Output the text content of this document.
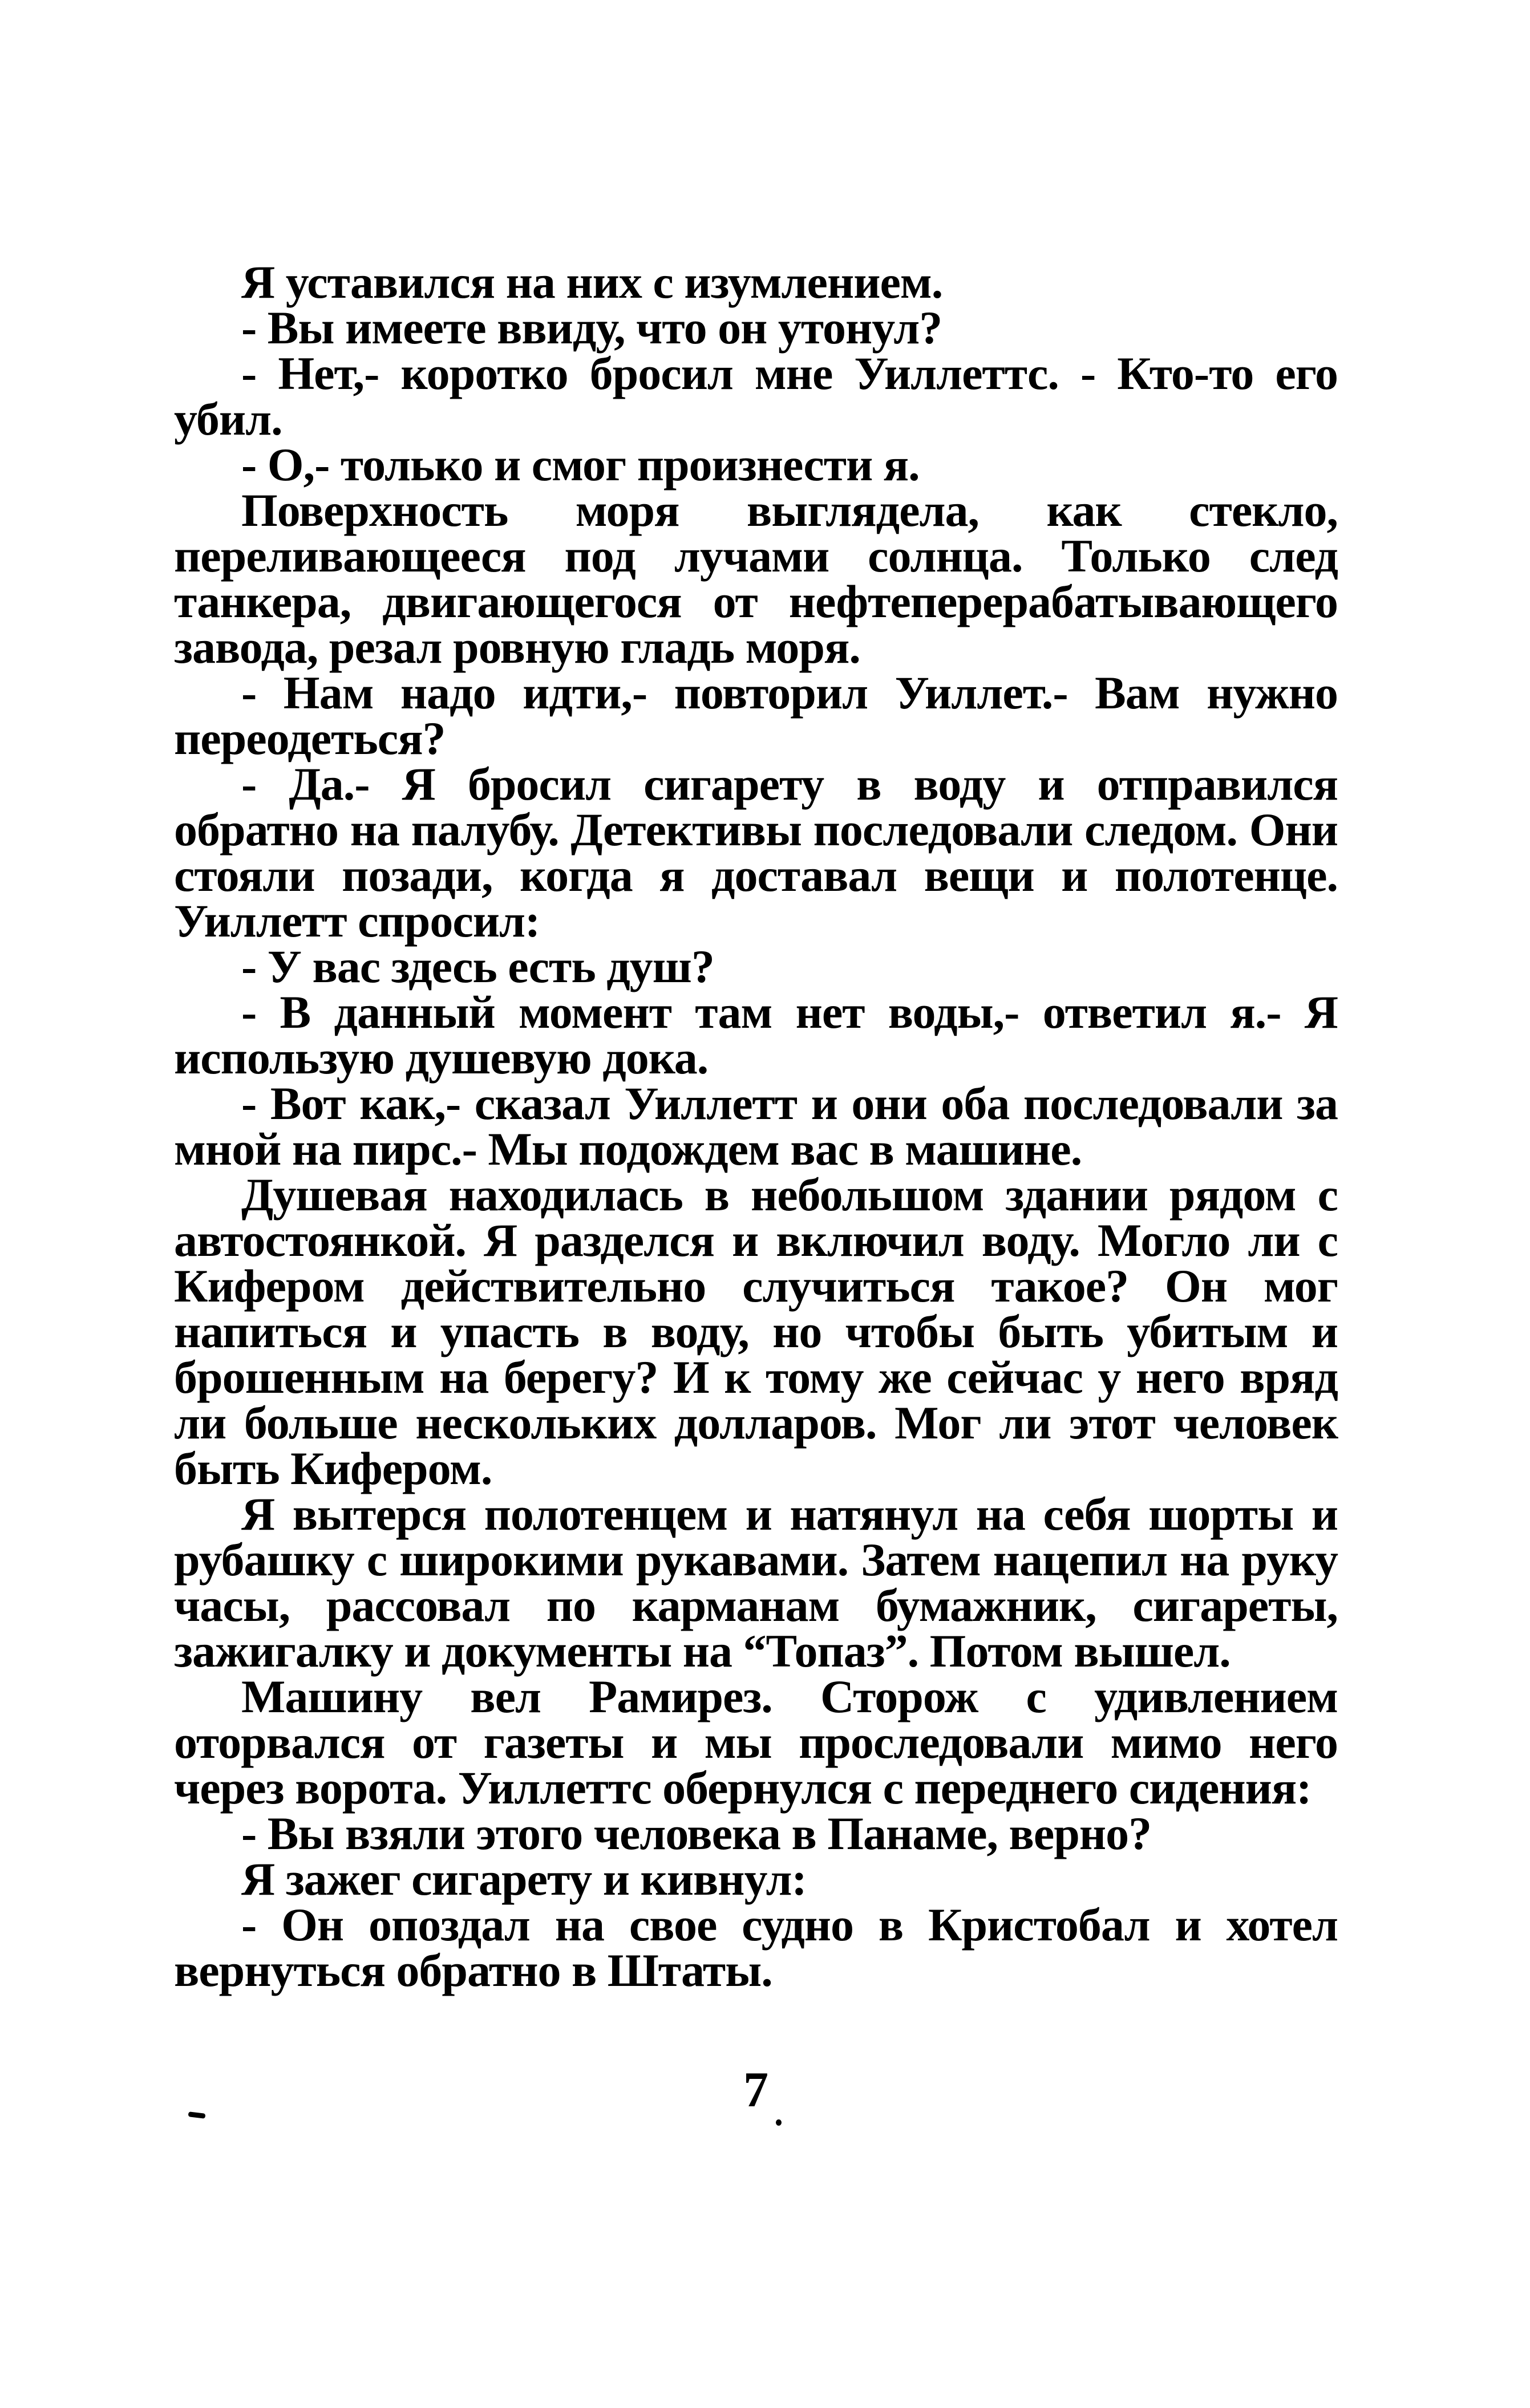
Я уставился на них с изумлением.

- Вы имеете ввиду, что он утонул?

- Нет,- коротко бросил мне Уиллеттс. - Кто-то его убил.

- О,- только и смог произнести я.

Поверхность моря выглядела, как стекло, переливающееся под лучами солнца. Только след танкера, двигающегося от нефтеперерабатывающего завода, резал ровную гладь моря.

- Нам надо идти,- повторил Уиллет.- Вам нужно переодеться?

- Да.- Я бросил сигарету в воду и отправился обратно на палубу. Детективы последовали следом. Они стояли позади, когда я доставал вещи и полотенце. Уиллетт спросил:

- У вас здесь есть душ?

- В данный момент там нет воды,- ответил я.- Я использую душевую дока.

- Вот как,- сказал Уиллетт и они оба последовали за мной на пирс.- Мы подождем вас в машине.

Душевая находилась в небольшом здании рядом с автостоянкой. Я разделся и включил воду. Могло ли с Кифером действительно случиться такое? Он мог напиться и упасть в воду, но чтобы быть убитым и брошенным на берегу? И к тому же сейчас у него вряд ли больше нескольких долларов. Мог ли этот человек быть Кифером.

Я вытерся полотенцем и натянул на себя шорты и рубашку с широкими рукавами. Затем нацепил на руку часы, рассовал по карманам бумажник, сигареты, зажигалку и документы на “Топаз”. Потом вышел.

Машину вел Рамирез. Сторож с удивлением оторвался от газеты и мы проследовали мимо него через ворота. Уиллеттс обернулся с переднего сидения:

- Вы взяли этого человека в Панаме, верно?

Я зажег сигарету и кивнул:

- Он опоздал на свое судно в Кристобал и хотел вернуться обратно в Штаты.

7
